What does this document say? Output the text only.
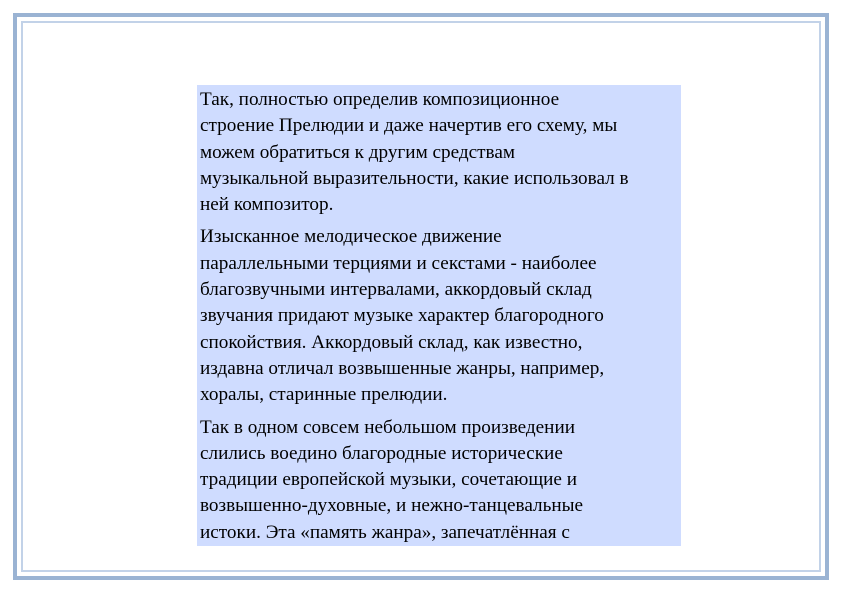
Так, полностью определив композиционное
строение Прелюдии и даже начертив его схему, мы
можем обратиться к другим средствам
музыкальной выразительности, какие использовал в
ней композитор.
Изысканное мелодическое движение
параллельными терциями и секстами - наиболее
благозвучными интервалами, аккордовый склад
звучания придают музыке характер благородного
спокойствия. Аккордовый склад, как известно,
издавна отличал возвышенные жанры, например,
хоралы, старинные прелюдии.
Так в одном совсем небольшом произведении
слились воедино благородные исторические
традиции европейской музыки, сочетающие и
возвышенно-духовные, и нежно-танцевальные
истоки. Эта «память жанра», запечатлённая с
